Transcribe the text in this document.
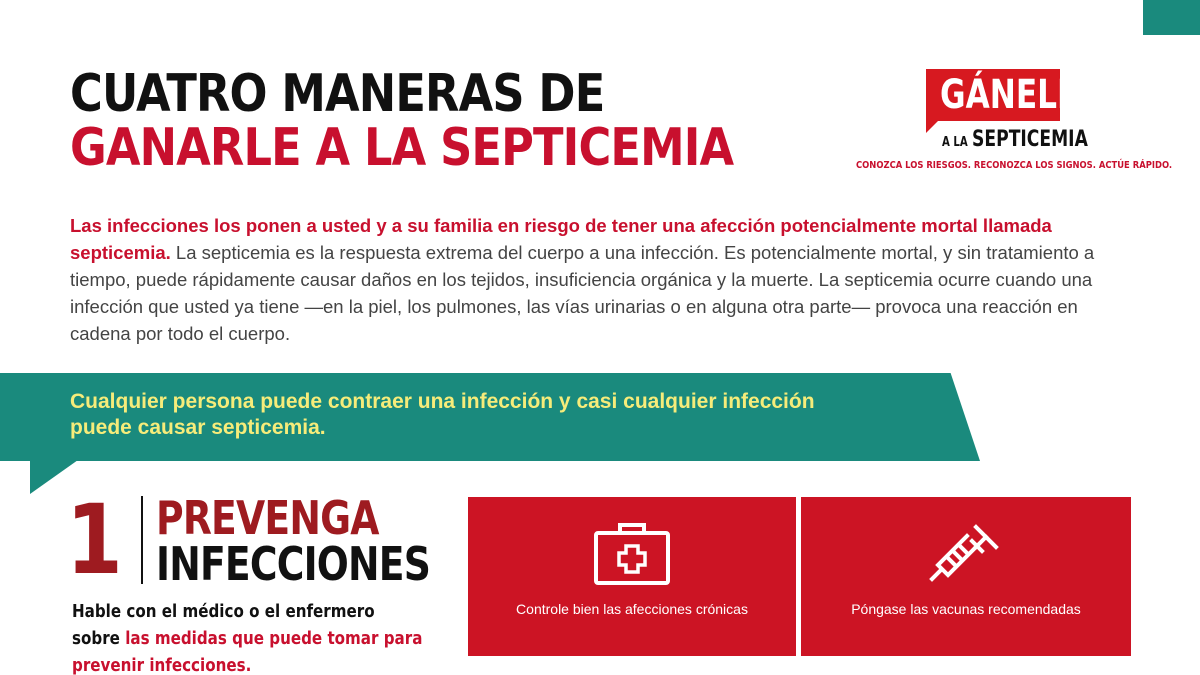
CUATRO MANERAS DE
GANARLE A LA SEPTICEMIA
GÁNELE
A LA SEPTICEMIA
CONOZCA LOS RIESGOS. RECONOZCA LOS SIGNOS. ACTÚE RÁPIDO.

Las infecciones los ponen a usted y a su familia en riesgo de tener una afección potencialmente mortal llamada septicemia. La septicemia es la respuesta extrema del cuerpo a una infección. Es potencialmente mortal, y sin tratamiento a tiempo, puede rápidamente causar daños en los tejidos, insuficiencia orgánica y la muerte. La septicemia ocurre cuando una infección que usted ya tiene —en la piel, los pulmones, las vías urinarias o en alguna otra parte— provoca una reacción en cadena por todo el cuerpo.

Cualquier persona puede contraer una infección y casi cualquier infección puede causar septicemia.
1 PREVENGA
INFECCIONES

Hable con el médico o el enfermero sobre las medidas que puede tomar para prevenir infecciones.

Controle bien las afecciones crónicas	Póngase las vacunas recomendadas
